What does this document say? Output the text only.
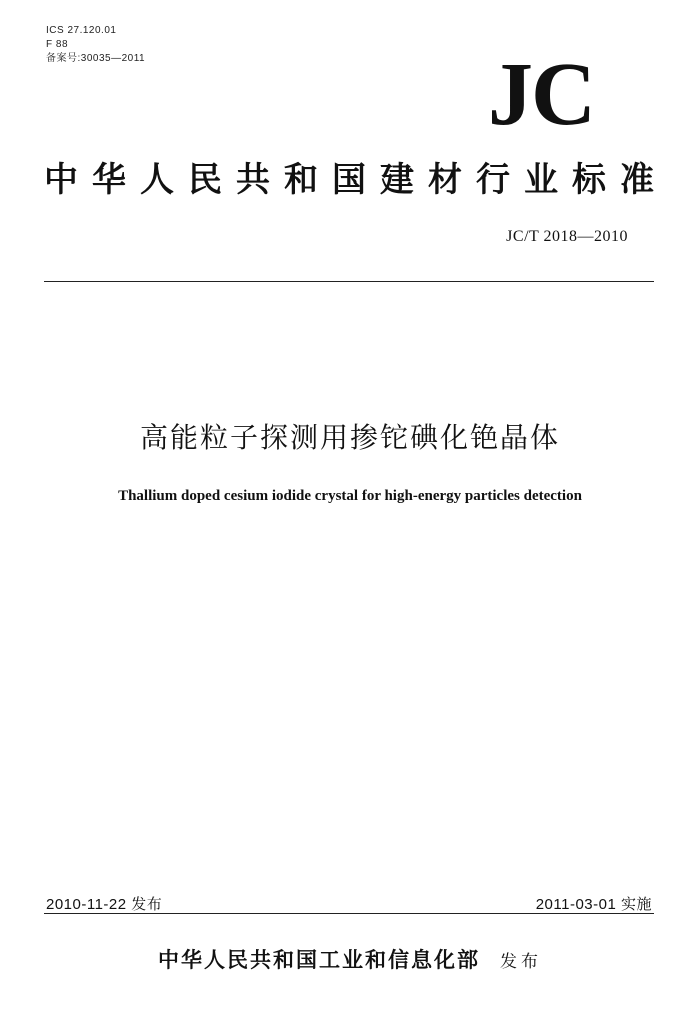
ICS 27.120.01
F 88
备案号:30035—2011	JC
中华人民共和国建材行业标准
JC/T 2018—2010
高能粒子探测用掺铊碘化铯晶体
Thallium doped cesium iodide crystal for high-energy particles detection
2010-11-22 发布	2011-03-01 实施
中华人民共和国工业和信息化部 发布
